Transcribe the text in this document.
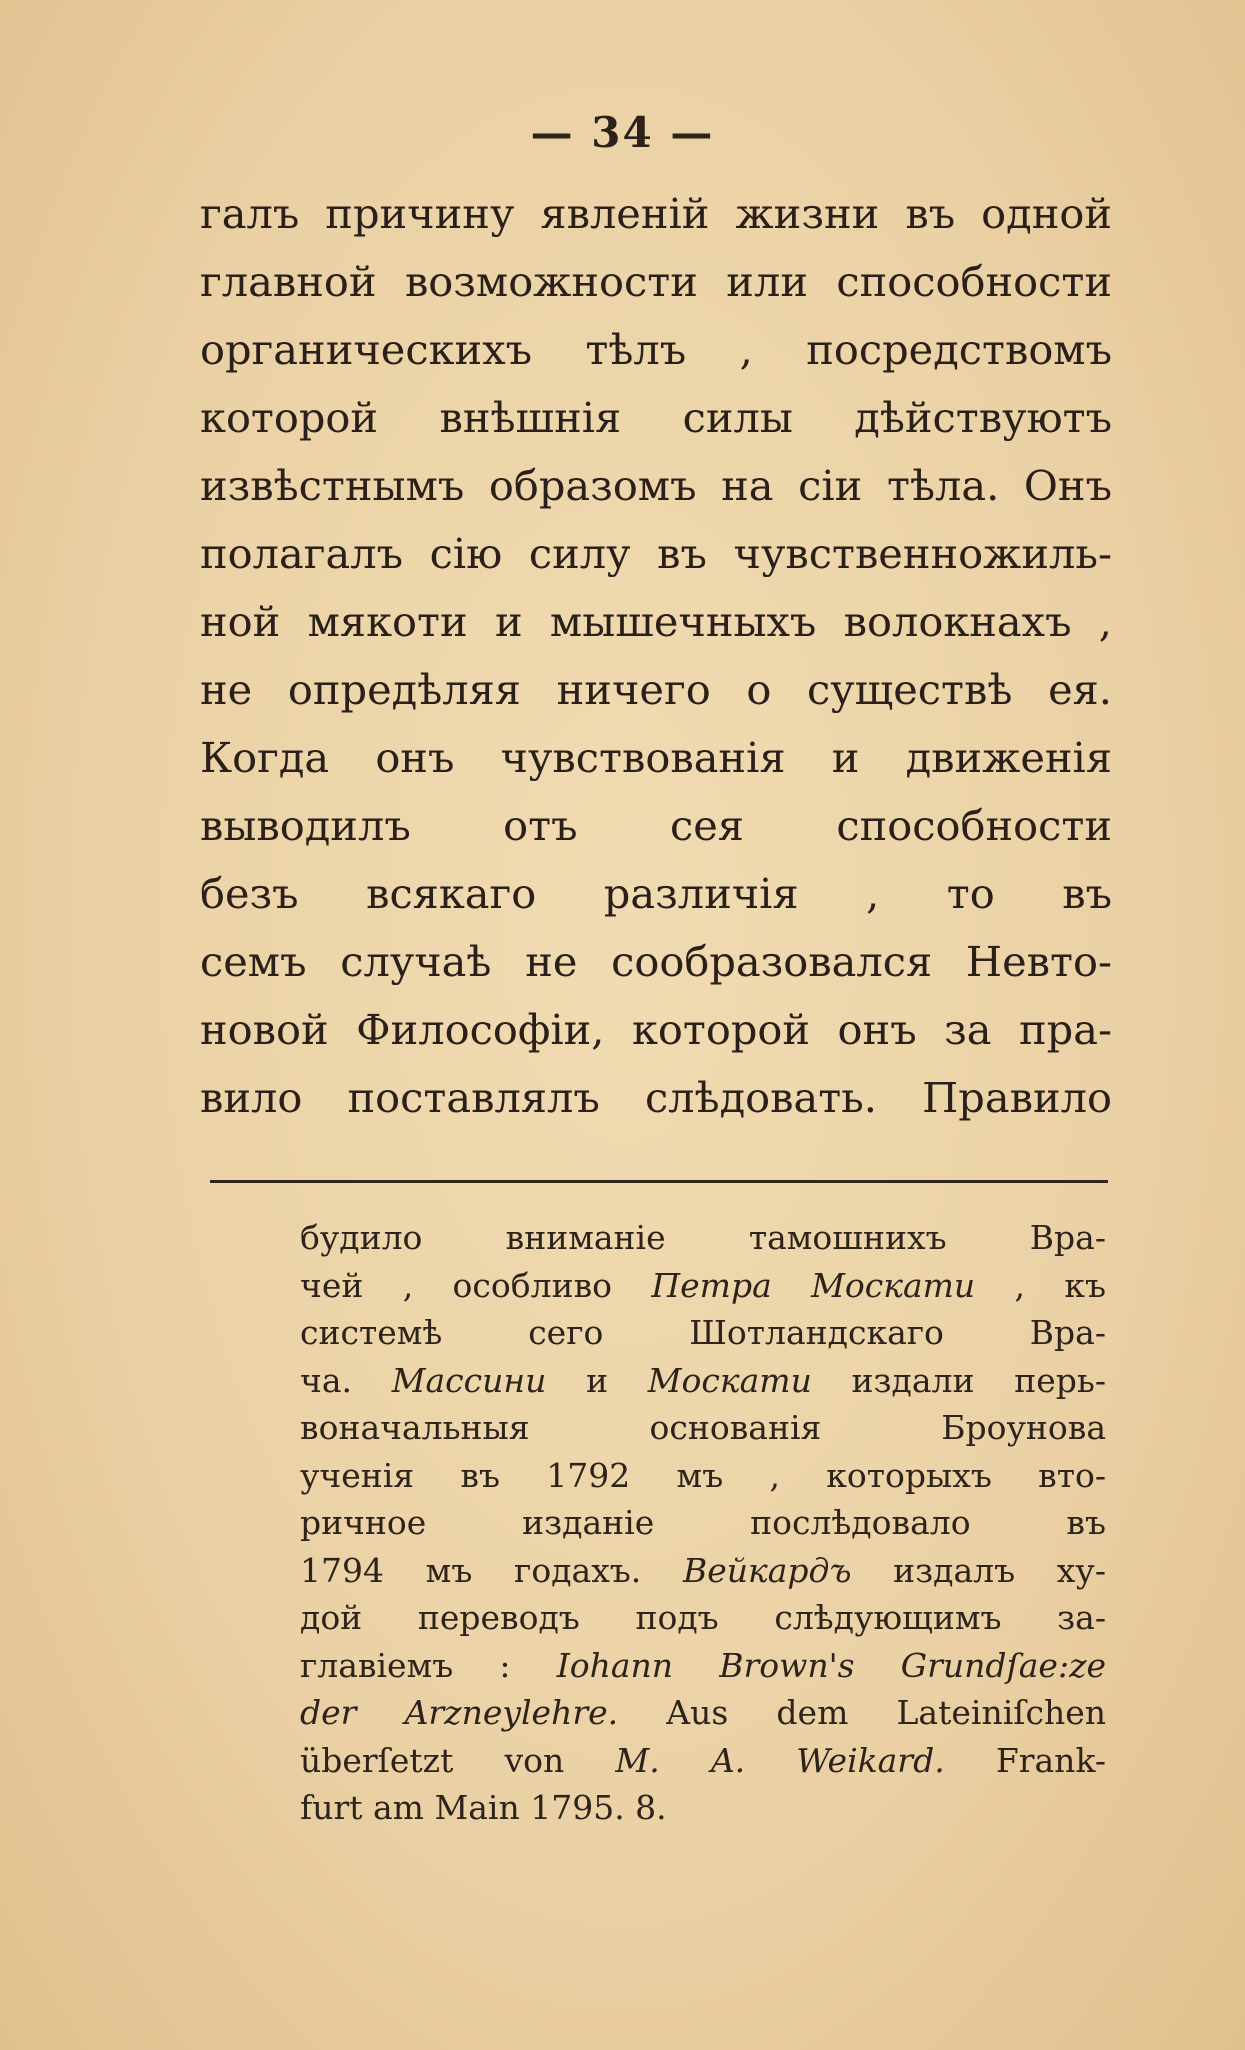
— 34 —
галъ причину явленій жизни въ одной
главной возможности или способности
органическихъ тѣлъ , посредствомъ
которой внѣшнія силы дѣйствуютъ
извѣстнымъ образомъ на сіи тѣла. Онъ
полагалъ сію силу въ чувственножиль-
ной мякоти и мышечныхъ волокнахъ ,
не опредѣляя ничего о существѣ ея.
Когда онъ чувствованія и движенія
выводилъ отъ сея способности
безъ всякаго различія , то въ
семъ случаѣ не сообразовался Невто-
новой Философіи, которой онъ за пра-
вило поставлялъ слѣдовать. Правило
будило вниманіе тамошнихъ Вра-
чей , особливо Петра Москати , къ
системѣ сего Шотландскаго Вра-
ча. Массини и Москати издали перь-
воначальныя основанія Броунова
ученія въ 1792 мъ , которыхъ вто-
ричное изданіе послѣдовало въ
1794 мъ годахъ. Вейкардъ издалъ ху-
дой переводъ подъ слѣдующимъ за-
главіемъ : Iohann Brown's Grundſae:ze
der Arzneylehre. Aus dem Lateiniſchen
überſetzt von M. A. Weikard. Frank-
furt am Main 1795. 8.
